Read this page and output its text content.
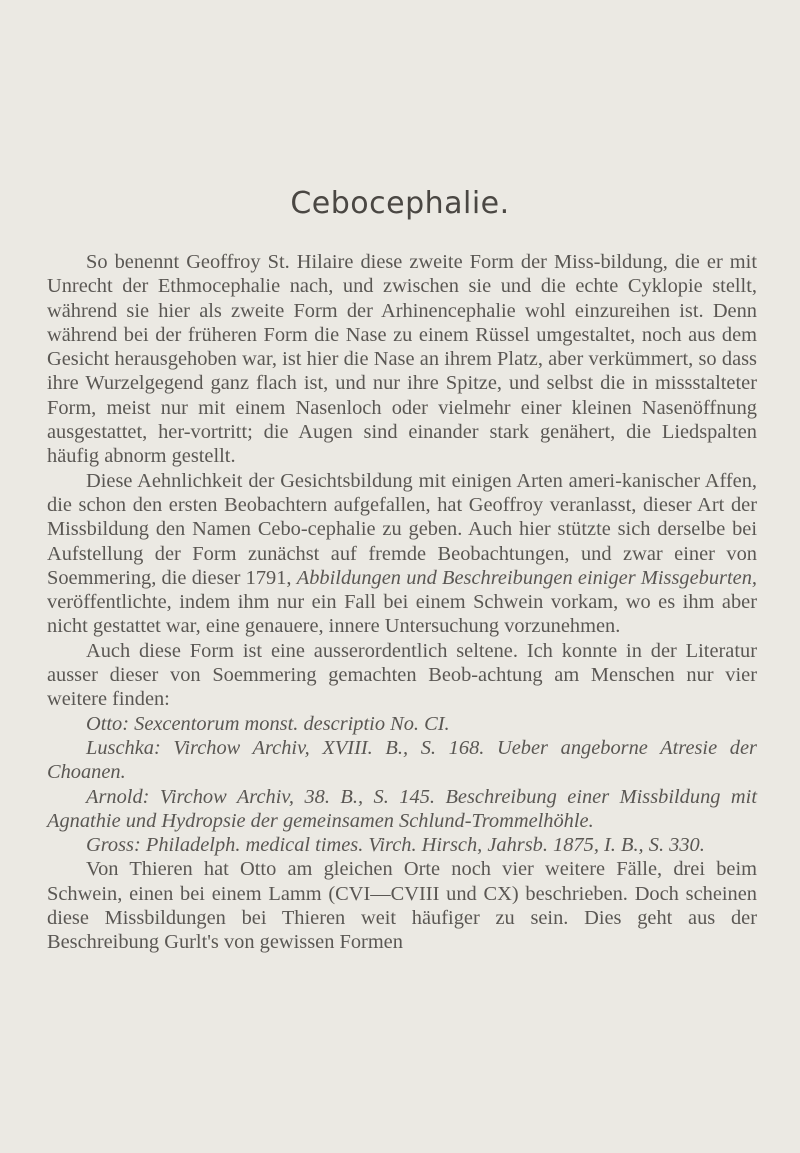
Cebocephalie.

So benennt Geoffroy St. Hilaire diese zweite Form der Miss-bildung, die er mit Unrecht der Ethmocephalie nach, und zwischen sie und die echte Cyklopie stellt, während sie hier als zweite Form der Arhinencephalie wohl einzureihen ist. Denn während bei der früheren Form die Nase zu einem Rüssel umgestaltet, noch aus dem Gesicht herausgehoben war, ist hier die Nase an ihrem Platz, aber verkümmert, so dass ihre Wurzelgegend ganz flach ist, und nur ihre Spitze, und selbst die in missstalteter Form, meist nur mit einem Nasenloch oder vielmehr einer kleinen Nasenöffnung ausgestattet, her-vortritt; die Augen sind einander stark genähert, die Liedspalten häufig abnorm gestellt.

Diese Aehnlichkeit der Gesichtsbildung mit einigen Arten ameri-kanischer Affen, die schon den ersten Beobachtern aufgefallen, hat Geoffroy veranlasst, dieser Art der Missbildung den Namen Cebo-cephalie zu geben. Auch hier stützte sich derselbe bei Aufstellung der Form zunächst auf fremde Beobachtungen, und zwar einer von Soemmering, die dieser 1791, Abbildungen und Beschreibungen einiger Missgeburten, veröffentlichte, indem ihm nur ein Fall bei einem Schwein vorkam, wo es ihm aber nicht gestattet war, eine genauere, innere Untersuchung vorzunehmen.

Auch diese Form ist eine ausserordentlich seltene. Ich konnte in der Literatur ausser dieser von Soemmering gemachten Beob-achtung am Menschen nur vier weitere finden:

Otto: Sexcentorum monst. descriptio No. CI.

Luschka: Virchow Archiv, XVIII. B., S. 168. Ueber angeborne Atresie der Choanen.

Arnold: Virchow Archiv, 38. B., S. 145. Beschreibung einer Missbildung mit Agnathie und Hydropsie der gemeinsamen Schlund-Trommelhöhle.

Gross: Philadelph. medical times. Virch. Hirsch, Jahrsb. 1875, I. B., S. 330.

Von Thieren hat Otto am gleichen Orte noch vier weitere Fälle, drei beim Schwein, einen bei einem Lamm (CVI—CVIII und CX) beschrieben. Doch scheinen diese Missbildungen bei Thieren weit häufiger zu sein. Dies geht aus der Beschreibung Gurlt's von gewissen Formen
